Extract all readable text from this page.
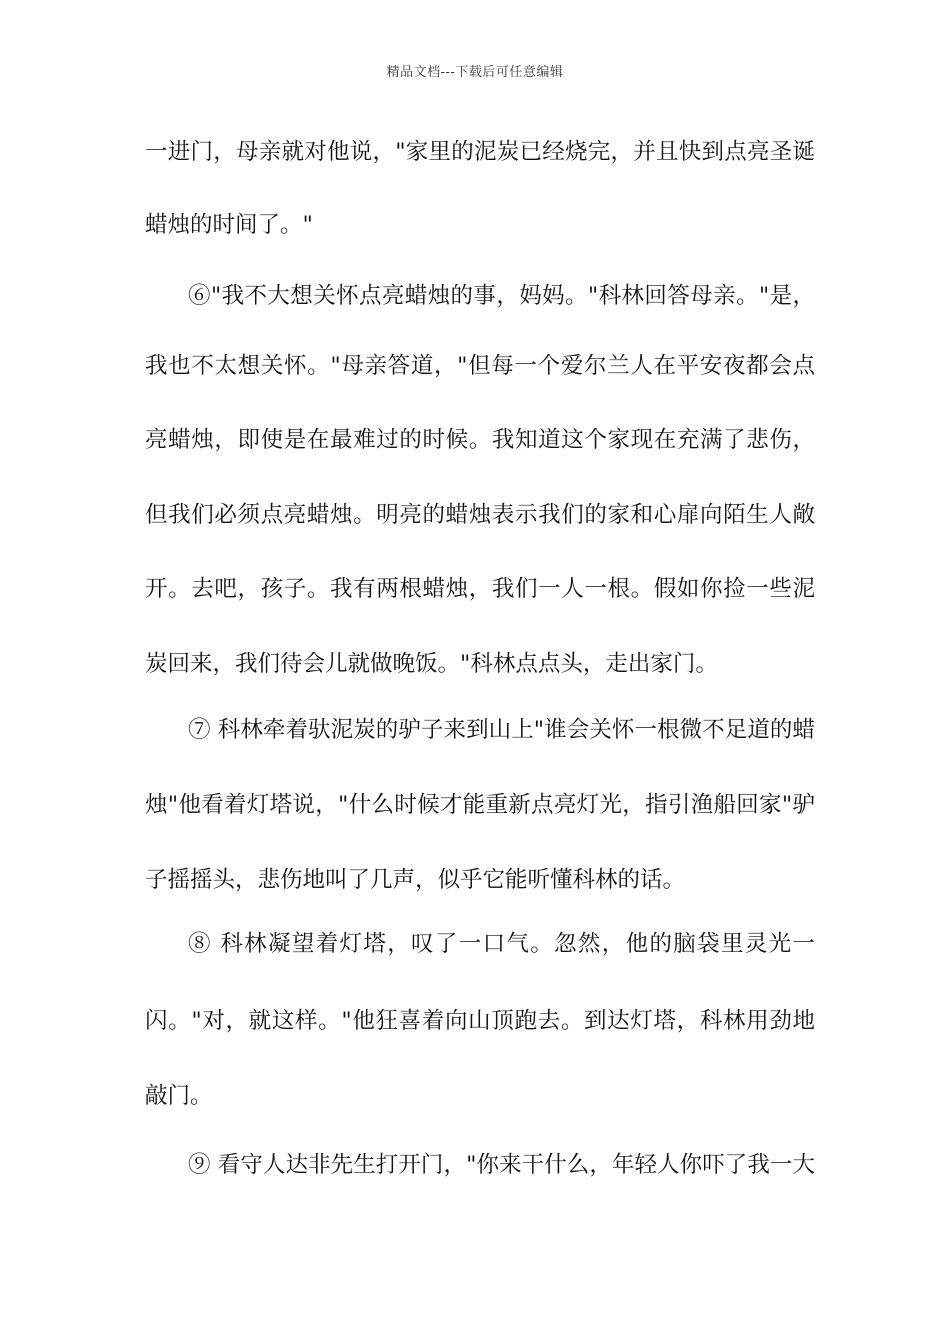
精品文档---下载后可任意编辑
一进门，母亲就对他说，"家里的泥炭已经烧完，并且快到点亮圣诞
蜡烛的时间了。"
⑥"我不大想关怀点亮蜡烛的事，妈妈。"科林回答母亲。"是，
我也不太想关怀。"母亲答道，"但每一个爱尔兰人在平安夜都会点
亮蜡烛，即使是在最难过的时候。我知道这个家现在充满了悲伤，
但我们必须点亮蜡烛。明亮的蜡烛表示我们的家和心扉向陌生人敞
开。去吧，孩子。我有两根蜡烛，我们一人一根。假如你捡一些泥
炭回来，我们待会儿就做晚饭。"科林点点头，走出家门。
⑦ 科林牵着驮泥炭的驴子来到山上"谁会关怀一根微不足道的蜡
烛"他看着灯塔说，"什么时候才能重新点亮灯光，指引渔船回家"驴
子摇摇头，悲伤地叫了几声，似乎它能听懂科林的话。
⑧ 科林凝望着灯塔，叹了一口气。忽然，他的脑袋里灵光一
闪。"对，就这样。"他狂喜着向山顶跑去。到达灯塔，科林用劲地
敲门。
⑨ 看守人达非先生打开门，"你来干什么，年轻人你吓了我一大
